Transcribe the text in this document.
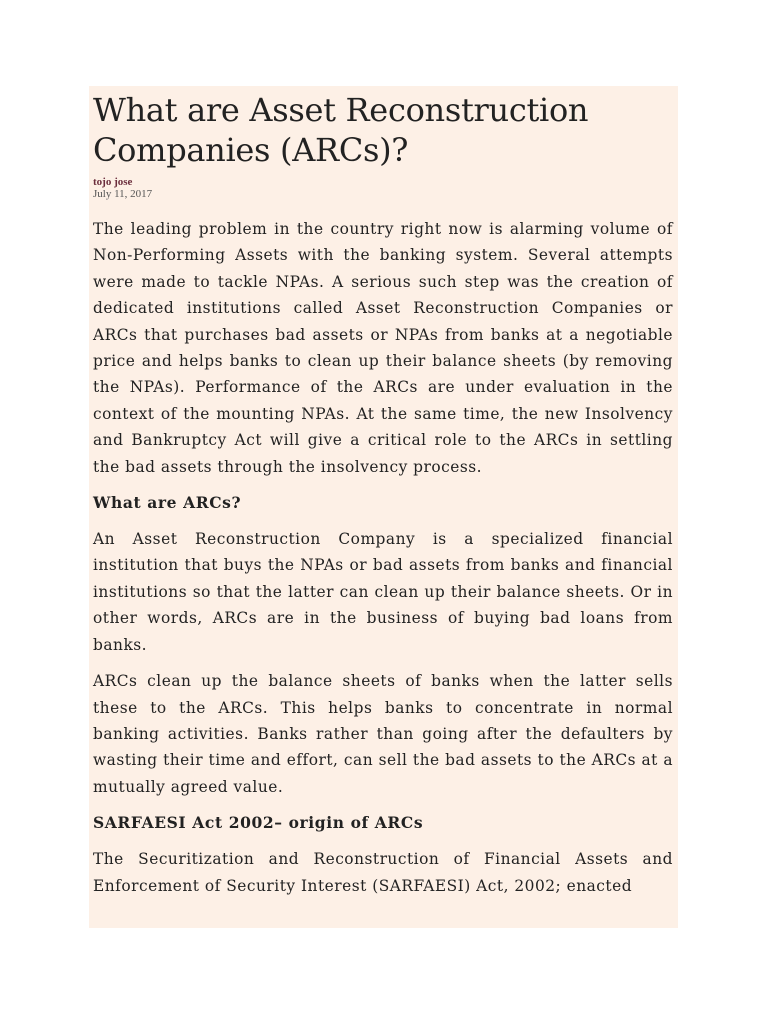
What are Asset Reconstruction Companies (ARCs)?
tojo jose
July 11, 2017

The leading problem in the country right now is alarming volume of Non-Performing Assets with the banking system. Several attempts were made to tackle NPAs. A serious such step was the creation of dedicated institutions called Asset Reconstruction Companies or ARCs that purchases bad assets or NPAs from banks at a negotiable price and helps banks to clean up their balance sheets (by removing the NPAs). Performance of the ARCs are under evaluation in the context of the mounting NPAs. At the same time, the new Insolvency and Bankruptcy Act will give a critical role to the ARCs in settling the bad assets through the insolvency process.

What are ARCs?

An Asset Reconstruction Company is a specialized financial institution that buys the NPAs or bad assets from banks and financial institutions so that the latter can clean up their balance sheets. Or in other words, ARCs are in the business of buying bad loans from banks.

ARCs clean up the balance sheets of banks when the latter sells these to the ARCs. This helps banks to concentrate in normal banking activities. Banks rather than going after the defaulters by wasting their time and effort, can sell the bad assets to the ARCs at a mutually agreed value.

SARFAESI Act 2002– origin of ARCs

The Securitization and Reconstruction of Financial Assets and Enforcement of Security Interest (SARFAESI) Act, 2002; enacted
